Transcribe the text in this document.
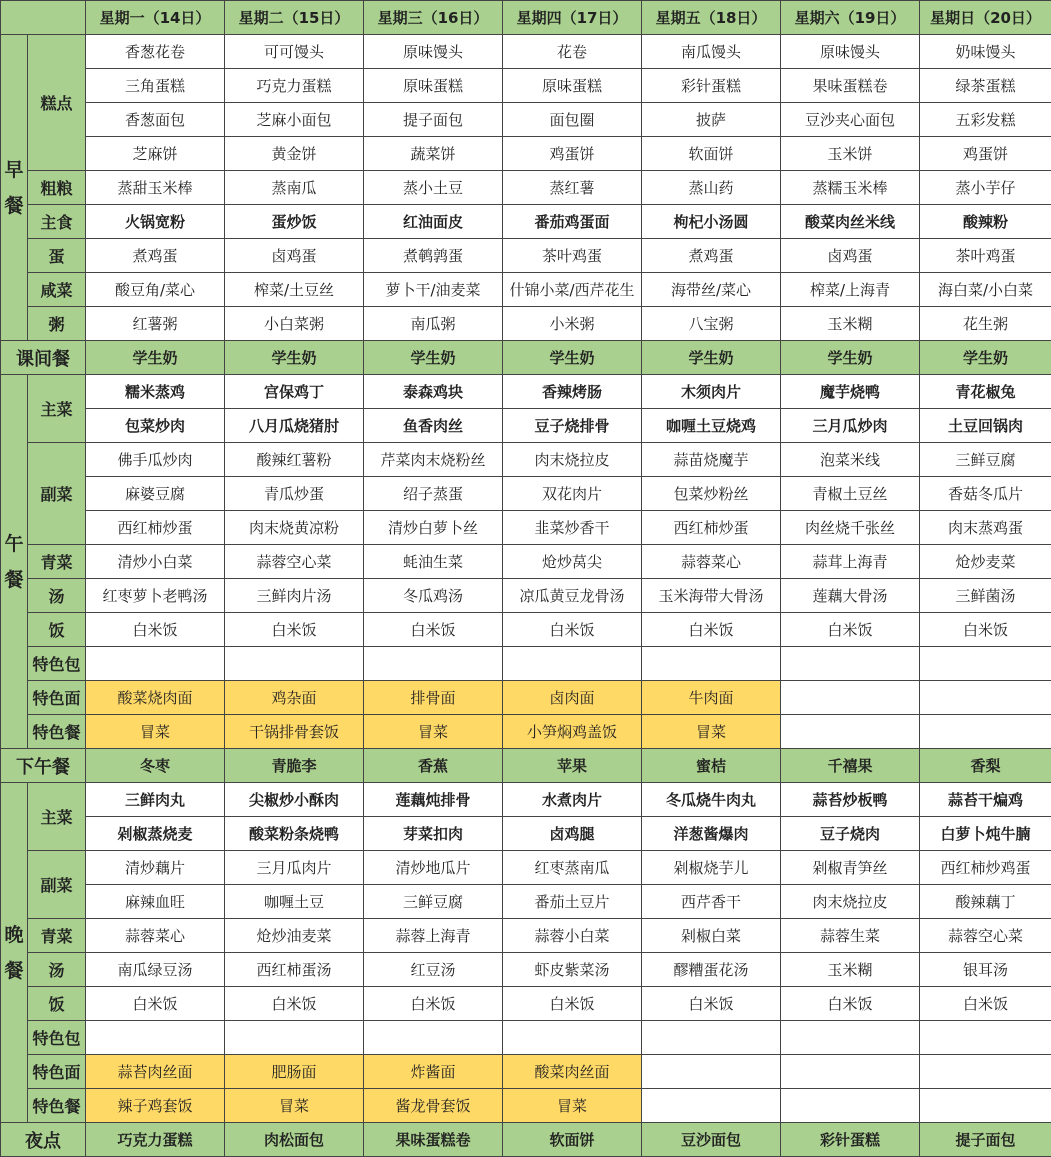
		星期一（14日）	星期二（15日）	星期三（16日）	星期四（17日）	星期五（18日）	星期六（19日）	星期日（20日）

早
餐	糕点	香葱花卷	可可馒头	原味馒头	花卷	南瓜馒头	原味馒头	奶味馒头
		三角蛋糕	巧克力蛋糕	原味蛋糕	原味蛋糕	彩针蛋糕	果味蛋糕卷	绿茶蛋糕
		香葱面包	芝麻小面包	提子面包	面包圈	披萨	豆沙夹心面包	五彩发糕
		芝麻饼	黄金饼	蔬菜饼	鸡蛋饼	软面饼	玉米饼	鸡蛋饼
	粗粮	蒸甜玉米棒	蒸南瓜	蒸小土豆	蒸红薯	蒸山药	蒸糯玉米棒	蒸小芋仔
	主食	火锅宽粉	蛋炒饭	红油面皮	番茄鸡蛋面	枸杞小汤圆	酸菜肉丝米线	酸辣粉
	蛋	煮鸡蛋	卤鸡蛋	煮鹌鹑蛋	茶叶鸡蛋	煮鸡蛋	卤鸡蛋	茶叶鸡蛋
	咸菜	酸豆角/菜心	榨菜/土豆丝	萝卜干/油麦菜	什锦小菜/西芹花生	海带丝/菜心	榨菜/上海青	海白菜/小白菜
	粥	红薯粥	小白菜粥	南瓜粥	小米粥	八宝粥	玉米糊	花生粥
课间餐		学生奶	学生奶	学生奶	学生奶	学生奶	学生奶	学生奶

午
餐	主菜	糯米蒸鸡	宫保鸡丁	泰森鸡块	香辣烤肠	木须肉片	魔芋烧鸭	青花椒兔
		包菜炒肉	八月瓜烧猪肘	鱼香肉丝	豆子烧排骨	咖喱土豆烧鸡	三月瓜炒肉	土豆回锅肉
	副菜	佛手瓜炒肉	酸辣红薯粉	芹菜肉末烧粉丝	肉末烧拉皮	蒜苗烧魔芋	泡菜米线	三鲜豆腐
		麻婆豆腐	青瓜炒蛋	绍子蒸蛋	双花肉片	包菜炒粉丝	青椒土豆丝	香菇冬瓜片
		西红柿炒蛋	肉末烧黄凉粉	清炒白萝卜丝	韭菜炒香干	西红柿炒蛋	肉丝烧千张丝	肉末蒸鸡蛋
	青菜	清炒小白菜	蒜蓉空心菜	蚝油生菜	炝炒莴尖	蒜蓉菜心	蒜茸上海青	炝炒麦菜
	汤	红枣萝卜老鸭汤	三鲜肉片汤	冬瓜鸡汤	凉瓜黄豆龙骨汤	玉米海带大骨汤	莲藕大骨汤	三鲜菌汤
	饭	白米饭	白米饭	白米饭	白米饭	白米饭	白米饭	白米饭
	特色包							
	特色面	酸菜烧肉面	鸡杂面	排骨面	卤肉面	牛肉面		
	特色餐	冒菜	干锅排骨套饭	冒菜	小笋焖鸡盖饭	冒菜		
下午餐		冬枣	青脆李	香蕉	苹果	蜜桔	千禧果	香梨

晚
餐	主菜	三鲜肉丸	尖椒炒小酥肉	莲藕炖排骨	水煮肉片	冬瓜烧牛肉丸	蒜苔炒板鸭	蒜苔干煸鸡
		剁椒蒸烧麦	酸菜粉条烧鸭	芽菜扣肉	卤鸡腿	洋葱酱爆肉	豆子烧肉	白萝卜炖牛腩
	副菜	清炒藕片	三月瓜肉片	清炒地瓜片	红枣蒸南瓜	剁椒烧芋儿	剁椒青笋丝	西红柿炒鸡蛋
		麻辣血旺	咖喱土豆	三鲜豆腐	番茄土豆片	西芹香干	肉末烧拉皮	酸辣藕丁
	青菜	蒜蓉菜心	炝炒油麦菜	蒜蓉上海青	蒜蓉小白菜	剁椒白菜	蒜蓉生菜	蒜蓉空心菜
	汤	南瓜绿豆汤	西红柿蛋汤	红豆汤	虾皮紫菜汤	醪糟蛋花汤	玉米糊	银耳汤
	饭	白米饭	白米饭	白米饭	白米饭	白米饭	白米饭	白米饭
	特色包							
	特色面	蒜苔肉丝面	肥肠面	炸酱面	酸菜肉丝面			
	特色餐	辣子鸡套饭	冒菜	酱龙骨套饭	冒菜			
夜点		巧克力蛋糕	肉松面包	果味蛋糕卷	软面饼	豆沙面包	彩针蛋糕	提子面包
